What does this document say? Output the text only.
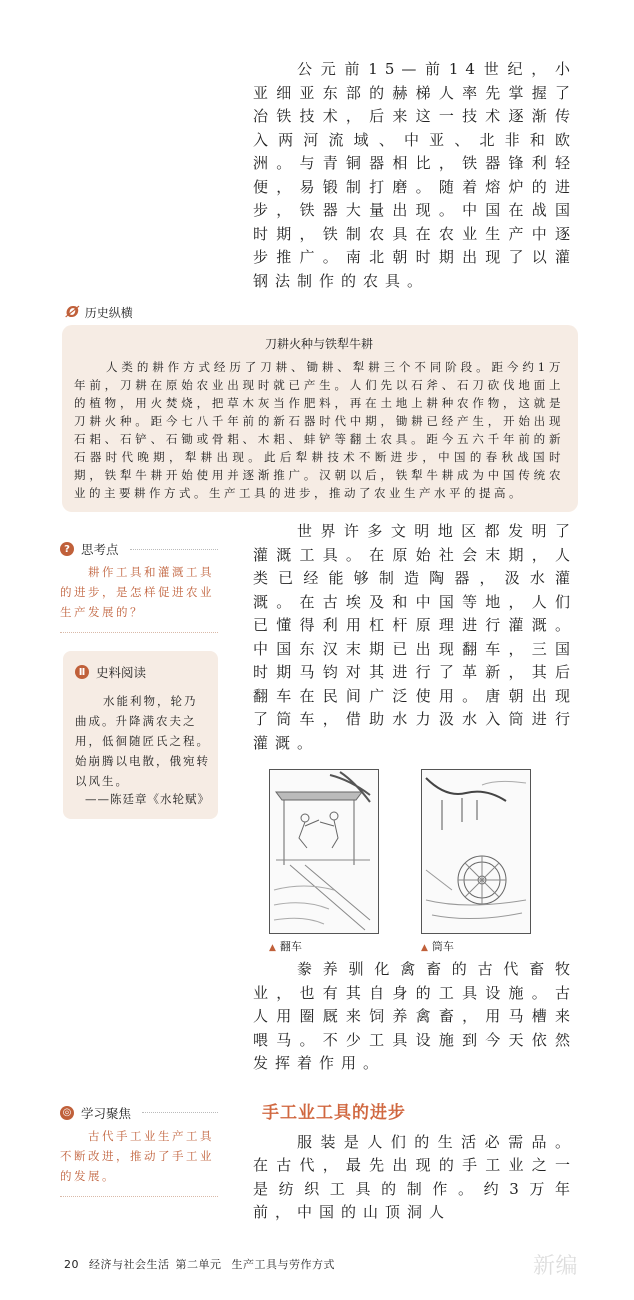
公元前15—前14世纪，小亚细亚东部的赫梯人率先掌握了冶铁技术，后来这一技术逐渐传入两河流域、中亚、北非和欧洲。与青铜器相比，铁器锋利轻便，易锻制打磨。随着熔炉的进步，铁器大量出现。中国在战国时期，铁制农具在农业生产中逐步推广。南北朝时期出现了以灌钢法制作的农具。

Ø 历史纵横
刀耕火种与铁犁牛耕
人类的耕作方式经历了刀耕、锄耕、犁耕三个不同阶段。距今约1万年前，刀耕在原始农业出现时就已产生。人们先以石斧、石刀砍伐地面上的植物，用火焚烧，把草木灰当作肥料，再在土地上耕种农作物，这就是刀耕火种。距今七八千年前的新石器时代中期，锄耕已经产生，开始出现石耜、石铲、石锄或骨耜、木耜、蚌铲等翻土农具。距今五六千年前的新石器时代晚期，犁耕出现。此后犁耕技术不断进步，中国的春秋战国时期，铁犁牛耕开始使用并逐渐推广。汉朝以后，铁犁牛耕成为中国传统农业的主要耕作方式。生产工具的进步，推动了农业生产水平的提高。
? 思考点
耕作工具和灌溉工具的进步，是怎样促进农业生产发展的？
Ⅱ 史料阅读
水能利物，轮乃曲成。升降满农夫之用，低徊随匠氏之程。始崩腾以电散，俄宛转以风生。
——陈廷章《水轮赋》

世界许多文明地区都发明了灌溉工具。在原始社会末期，人类已经能够制造陶器，汲水灌溉。在古埃及和中国等地，人们已懂得利用杠杆原理进行灌溉。中国东汉末期已出现翻车，三国时期马钧对其进行了革新，其后翻车在民间广泛使用。唐朝出现了筒车，借助水力汲水入筒进行灌溉。

▲ 翻车	▲ 筒车

豢养驯化禽畜的古代畜牧业，也有其自身的工具设施。古人用圈厩来饲养禽畜，用马槽来喂马。不少工具设施到今天依然发挥着作用。

◎ 学习聚焦
古代手工业生产工具不断改进，推动了手工业的发展。
手工业工具的进步

服装是人们的生活必需品。在古代，最先出现的手工业之一是纺织工具的制作。约3万年前，中国的山顶洞人

20 经济与社会生活 第二单元 生产工具与劳作方式	新编
